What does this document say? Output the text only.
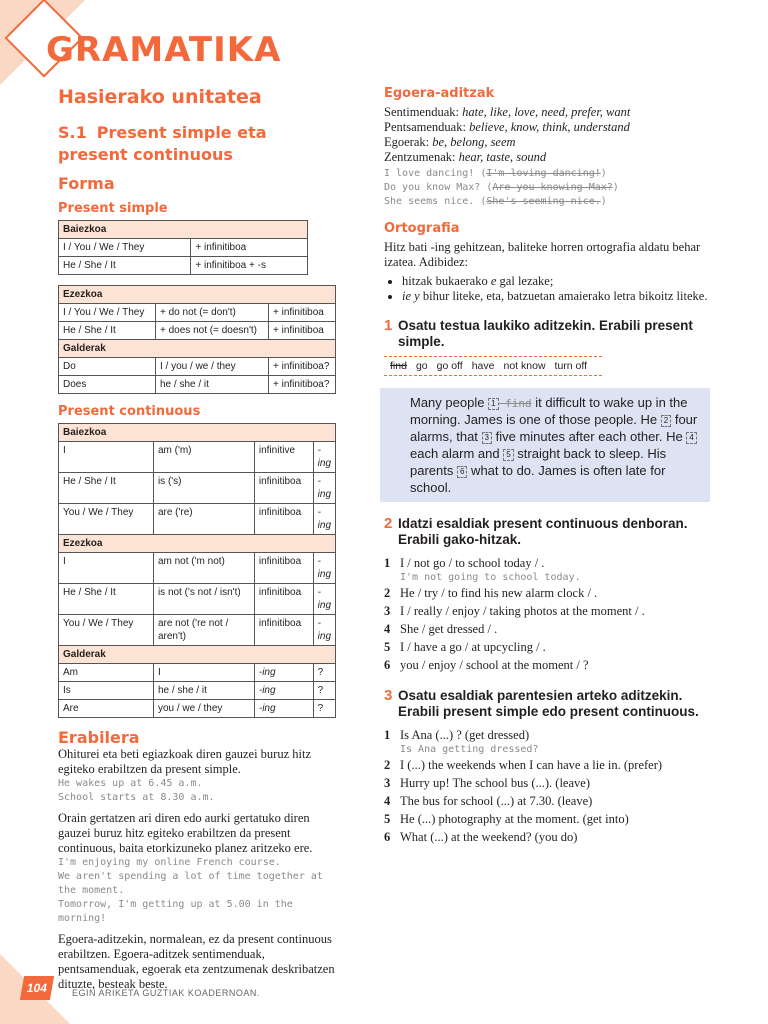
GRAMATIKA
Hasierako unitatea
S.1 Present simple eta present continuous
Forma
Present simple
Baiezkoa	
I / You / We / They	+ infinitiboa
He / She / It	+ infinitiboa + -s
Ezezkoa		
I / You / We / They	+ do not (= don't)	+ infinitiboa
He / She / It	+ does not (= doesn't)	+ infinitiboa
Galderak		
Do	I / you / we / they	+ infinitiboa?
Does	he / she / it	+ infinitiboa?
Present continuous
Baiezkoa			
I	am ('m)	infinitive	-ing
He / She / It	is ('s)	infinitiboa	-ing
You / We / They	are ('re)	infinitiboa	-ing
Ezezkoa			
I	am not ('m not)	infinitiboa	-ing
He / She / It	is not ('s not / isn't)	infinitiboa	-ing
You / We / They	are not ('re not / aren't)	infinitiboa	-ing
Galderak			
Am	I	-ing	?
Is	he / she / it	-ing	?
Are	you / we / they	-ing	?
Erabilera

Ohiturei eta beti egiazkoak diren gauzei buruz hitz egiteko erabiltzen da present simple.

He wakes up at 6.45 a.m.

School starts at 8.30 a.m.

Orain gertatzen ari diren edo aurki gertatuko diren gauzei buruz hitz egiteko erabiltzen da present continuous, baita etorkizuneko planez aritzeko ere.

I'm enjoying my online French course.

We aren't spending a lot of time together at the moment.

Tomorrow, I'm getting up at 5.00 in the morning!

Egoera-aditzekin, normalean, ez da present continuous erabiltzen. Egoera-aditzek sentimenduak, pentsamenduak, egoerak eta zentzumenak deskribatzen dituzte, besteak beste.

Egoera-aditzak

Sentimenduak: hate, like, love, need, prefer, want

Pentsamenduak: believe, know, think, understand

Egoerak: be, belong, seem

Zentzumenak: hear, taste, sound

I love dancing! (I'm loving dancing!)

Do you know Max? (Are you knowing Max?)

She seems nice. (She's seeming nice.)

Ortografia

Hitz bati -ing gehitzean, baliteke horren ortografia aldatu behar izatea. Adibidez:

• hitzak bukaerako e gal lezake;
• ie y bihur liteke, eta, batzuetan amaierako letra bikoitz liteke.
1 Osatu testua laukiko aditzekin. Erabili present simple.
find go go off have not know turn off
Many people 1 find it difficult to wake up in the morning. James is one of those people. He 2 four alarms, that 3 five minutes after each other. He 4 each alarm and 5 straight back to sleep. His parents 6 what to do. James is often late for school.
2 Idatzi esaldiak present continuous denboran. Erabili gako-hitzak.
1 I / not go / to school today / .
I'm not going to school today.
2 He / try / to find his new alarm clock / .
3 I / really / enjoy / taking photos at the moment / .
4 She / get dressed / .
5 I / have a go / at upcycling / .
6 you / enjoy / school at the moment / ?
3 Osatu esaldiak parentesien arteko aditzekin. Erabili present simple edo present continuous.
1 Is Ana (...) ? (get dressed)
Is Ana getting dressed?
2 I (...) the weekends when I can have a lie in. (prefer)
3 Hurry up! The school bus (...). (leave)
4 The bus for school (...) at 7.30. (leave)
5 He (...) photography at the moment. (get into)
6 What (...) at the weekend? (you do)
104	EGIN ARIKETA GUZTIAK KOADERNOAN.
